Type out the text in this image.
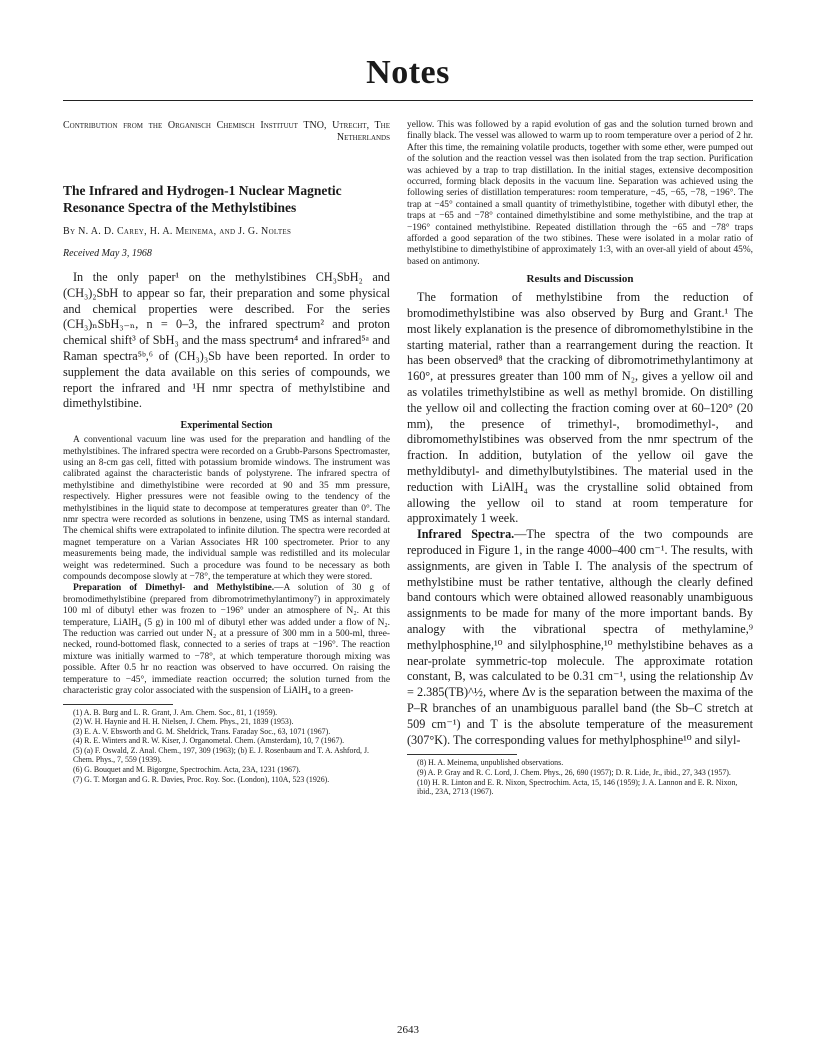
Notes

Contribution from the Organisch Chemisch Instituut TNO, Utrecht, The Netherlands

The Infrared and Hydrogen-1 Nuclear Magnetic Resonance Spectra of the Methylstibines
By N. A. D. Carey, H. A. Meinema, and J. G. Noltes
Received May 3, 1968

In the only paper¹ on the methylstibines CH₃SbH₂ and (CH₃)₂SbH to appear so far, their preparation and some physical and chemical properties were described. For the series (CH₃)ₙSbH₃₋ₙ, n = 0–3, the infrared spectrum² and proton chemical shift³ of SbH₃ and the mass spectrum⁴ and infrared⁵ᵃ and Raman spectra⁵ᵇ,⁶ of (CH₃)₃Sb have been reported. In order to supplement the data available on this series of compounds, we report the infrared and ¹H nmr spectra of methylstibine and dimethylstibine.

Experimental Section

A conventional vacuum line was used for the preparation and handling of the methylstibines. The infrared spectra were recorded on a Grubb-Parsons Spectromaster, using an 8-cm gas cell, fitted with potassium bromide windows. The instrument was calibrated against the characteristic bands of polystyrene. The infrared spectra of methylstibine and dimethylstibine were recorded at 90 and 35 mm pressure, respectively. Higher pressures were not feasible owing to the tendency of the methylstibines in the liquid state to decompose at temperatures greater than 0°. The nmr spectra were recorded as solutions in benzene, using TMS as internal standard. The chemical shifts were extrapolated to infinite dilution. The spectra were recorded at magnet temperature on a Varian Associates HR 100 spectrometer. Prior to any measurements being made, the individual sample was redistilled and its molecular weight was redetermined. Such a procedure was found to be necessary as both compounds decompose slowly at −78°, the temperature at which they were stored.

Preparation of Dimethyl- and Methylstibine.—A solution of 30 g of bromodimethylstibine (prepared from dibromotrimethylantimony⁷) in approximately 100 ml of dibutyl ether was frozen to −196° under an atmosphere of N₂. At this temperature, LiAlH₄ (5 g) in 100 ml of dibutyl ether was added under a flow of N₂. The reduction was carried out under N₂ at a pressure of 300 mm in a 500-ml, three-necked, round-bottomed flask, connected to a series of traps at −196°. The reaction mixture was initially warmed to −78°, at which temperature thorough mixing was possible. After 0.5 hr no reaction was observed to have occurred. On raising the temperature to −45°, immediate reaction occurred; the solution turned from the characteristic gray color associated with the suspension of LiAlH₄ to a green-

(1) A. B. Burg and L. R. Grant, J. Am. Chem. Soc., 81, 1 (1959).
(2) W. H. Haynie and H. H. Nielsen, J. Chem. Phys., 21, 1839 (1953).
(3) E. A. V. Ebsworth and G. M. Sheldrick, Trans. Faraday Soc., 63, 1071 (1967).
(4) R. E. Winters and R. W. Kiser, J. Organometal. Chem. (Amsterdam), 10, 7 (1967).
(5) (a) F. Oswald, Z. Anal. Chem., 197, 309 (1963); (b) E. J. Rosenbaum and T. A. Ashford, J. Chem. Phys., 7, 559 (1939).
(6) G. Bouquet and M. Bigorgne, Spectrochim. Acta, 23A, 1231 (1967).
(7) G. T. Morgan and G. R. Davies, Proc. Roy. Soc. (London), 110A, 523 (1926).

yellow. This was followed by a rapid evolution of gas and the solution turned brown and finally black. The vessel was allowed to warm up to room temperature over a period of 2 hr. After this time, the remaining volatile products, together with some ether, were pumped out of the solution and the reaction vessel was then isolated from the trap section. Purification was achieved by a trap to trap distillation. In the initial stages, extensive decomposition occurred, forming black deposits in the vacuum line. Separation was achieved using the following series of distillation temperatures: room temperature, −45, −65, −78, −196°. The trap at −45° contained a small quantity of trimethylstibine, together with dibutyl ether, the traps at −65 and −78° contained dimethylstibine and some methylstibine, and the trap at −196° contained methylstibine. Repeated distillation through the −65 and −78° traps afforded a good separation of the two stibines. These were isolated in a molar ratio of methylstibine to dimethylstibine of approximately 1:3, with an over-all yield of about 45%, based on antimony.

Results and Discussion

The formation of methylstibine from the reduction of bromodimethylstibine was also observed by Burg and Grant.¹ The most likely explanation is the presence of dibromomethylstibine in the starting material, rather than a rearrangement during the reaction. It has been observed⁸ that the cracking of dibromotrimethylantimony at 160°, at pressures greater than 100 mm of N₂, gives a yellow oil and as volatiles trimethylstibine as well as methyl bromide. On distilling the yellow oil and collecting the fraction coming over at 60–120° (20 mm), the presence of trimethyl-, bromodimethyl-, and dibromomethylstibines was observed from the nmr spectrum of the fraction. In addition, butylation of the yellow oil gave the methyldibutyl- and dimethylbutylstibines. The material used in the reduction with LiAlH₄ was the crystalline solid obtained from allowing the yellow oil to stand at room temperature for approximately 1 week.

Infrared Spectra.—The spectra of the two compounds are reproduced in Figure 1, in the range 4000–400 cm⁻¹. The results, with assignments, are given in Table I. The analysis of the spectrum of methylstibine must be rather tentative, although the clearly defined band contours which were obtained allowed reasonably unambiguous assignments to be made for many of the more important bands. By analogy with the vibrational spectra of methylamine,⁹ methylphosphine,¹⁰ and silylphosphine,¹⁰ methylstibine behaves as a near-prolate symmetric-top molecule. The approximate rotation constant, B, was calculated to be 0.31 cm⁻¹, using the relationship Δν = 2.385(TB)^½, where Δν is the separation between the maxima of the P–R branches of an unambiguous parallel band (the Sb–C stretch at 509 cm⁻¹) and T is the absolute temperature of the measurement (307°K). The corresponding values for methylphosphine¹⁰ and silyl-

(8) H. A. Meinema, unpublished observations.
(9) A. P. Gray and R. C. Lord, J. Chem. Phys., 26, 690 (1957); D. R. Lide, Jr., ibid., 27, 343 (1957).
(10) H. R. Linton and E. R. Nixon, Spectrochim. Acta, 15, 146 (1959); J. A. Lannon and E. R. Nixon, ibid., 23A, 2713 (1967).
2643
